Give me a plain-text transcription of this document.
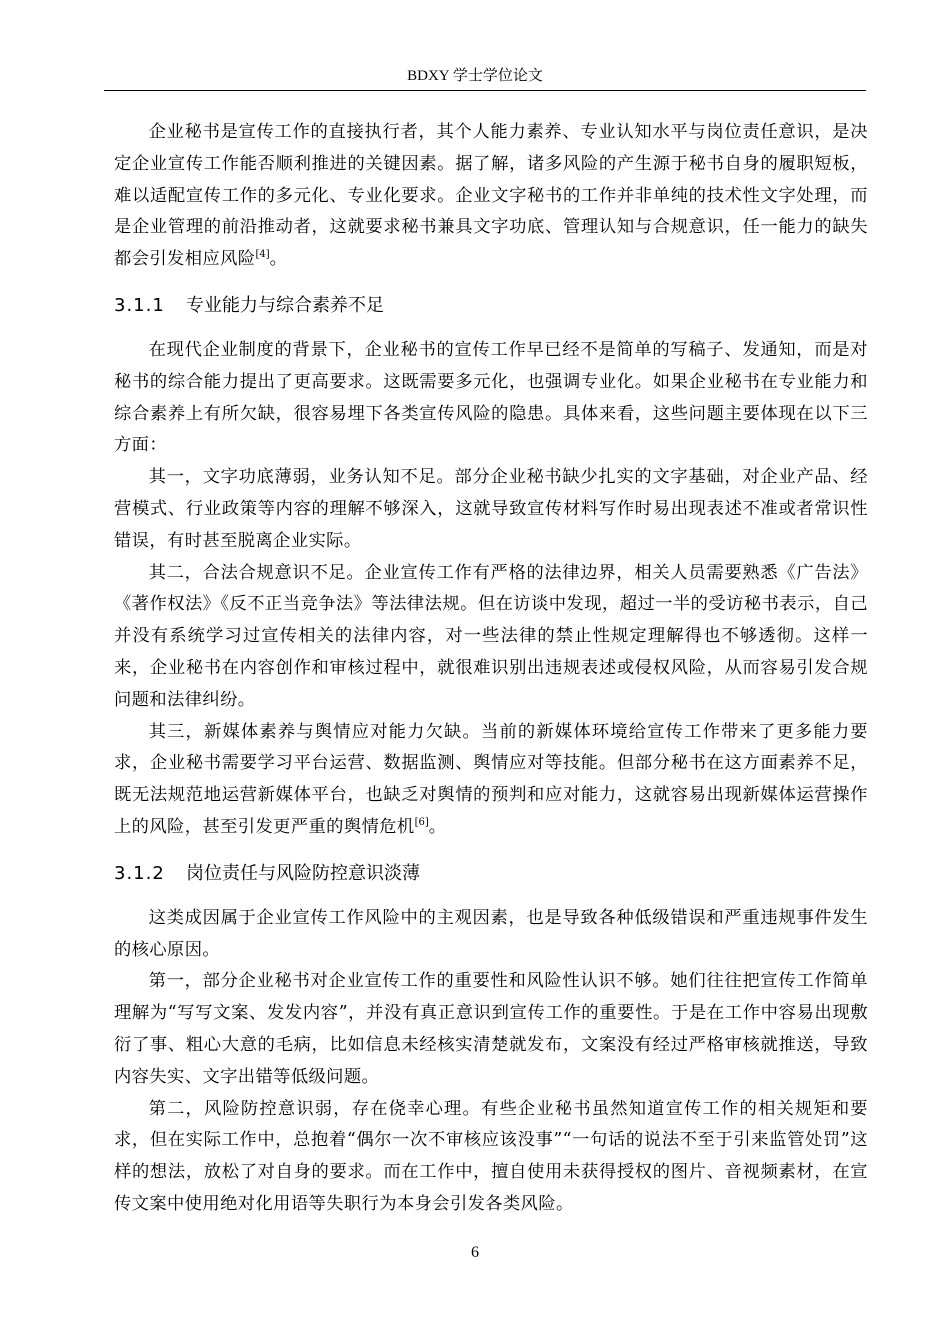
BDXY 学士学位论文

企业秘书是宣传工作的直接执行者，其个人能力素养、专业认知水平与岗位责任意识，是决定企业宣传工作能否顺利推进的关键因素。据了解，诸多风险的产生源于秘书自身的履职短板，难以适配宣传工作的多元化、专业化要求。企业文字秘书的工作并非单纯的技术性文字处理，而是企业管理的前沿推动者，这就要求秘书兼具文字功底、管理认知与合规意识，任一能力的缺失都会引发相应风险[4]。

3.1.1 专业能力与综合素养不足

在现代企业制度的背景下，企业秘书的宣传工作早已经不是简单的写稿子、发通知，而是对秘书的综合能力提出了更高要求。这既需要多元化，也强调专业化。如果企业秘书在专业能力和综合素养上有所欠缺，很容易埋下各类宣传风险的隐患。具体来看，这些问题主要体现在以下三方面：

其一，文字功底薄弱，业务认知不足。部分企业秘书缺少扎实的文字基础，对企业产品、经营模式、行业政策等内容的理解不够深入，这就导致宣传材料写作时易出现表述不准或者常识性错误，有时甚至脱离企业实际。

其二，合法合规意识不足。企业宣传工作有严格的法律边界，相关人员需要熟悉《广告法》《著作权法》《反不正当竞争法》等法律法规。但在访谈中发现，超过一半的受访秘书表示，自己并没有系统学习过宣传相关的法律内容，对一些法律的禁止性规定理解得也不够透彻。这样一来，企业秘书在内容创作和审核过程中，就很难识别出违规表述或侵权风险，从而容易引发合规问题和法律纠纷。

其三，新媒体素养与舆情应对能力欠缺。当前的新媒体环境给宣传工作带来了更多能力要求，企业秘书需要学习平台运营、数据监测、舆情应对等技能。但部分秘书在这方面素养不足，既无法规范地运营新媒体平台，也缺乏对舆情的预判和应对能力，这就容易出现新媒体运营操作上的风险，甚至引发更严重的舆情危机[6]。

3.1.2 岗位责任与风险防控意识淡薄

这类成因属于企业宣传工作风险中的主观因素，也是导致各种低级错误和严重违规事件发生的核心原因。

第一，部分企业秘书对企业宣传工作的重要性和风险性认识不够。她们往往把宣传工作简单理解为“写写文案、发发内容”，并没有真正意识到宣传工作的重要性。于是在工作中容易出现敷衍了事、粗心大意的毛病，比如信息未经核实清楚就发布，文案没有经过严格审核就推送，导致内容失实、文字出错等低级问题。

第二，风险防控意识弱，存在侥幸心理。有些企业秘书虽然知道宣传工作的相关规矩和要求，但在实际工作中，总抱着“偶尔一次不审核应该没事”“一句话的说法不至于引来监管处罚”这样的想法，放松了对自身的要求。而在工作中，擅自使用未获得授权的图片、音视频素材，在宣传文案中使用绝对化用语等失职行为本身会引发各类风险。

6
